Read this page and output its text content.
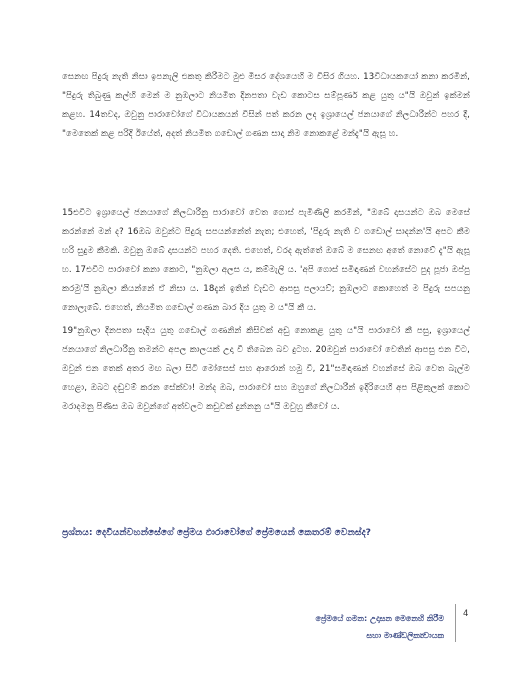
සෙනඟ පිදුරු නැති නිසා ඉපනැලි එකතු කිරීමට මුළු මිසර දේශයෙහි ම විසිර ගියහ. 13විධායකයෝ කනා කරමින්, "පිදුරු තිබුණු කල්හි මෙන් ම නුඹලාට නියමිත දිනපතා වැඩ කොටස සම්පූර්ණ කළ යුතු ය"යි ඔවුන් ඉක්මන් කළහ. 14තවද, ඔවුනු පාරාවෝගේ විධායකයන් විසින් පත් කරන ලද ඉශ්‍රායෙල් ජනයාගේ නිලධාරීන්ට පහර දී, "මෙතෙක් කළ පරිදි ඊයේත්, අදත් නියමිත ගඩොල් ගණන සාදා නිම නොකළේ මන්දැ"යි ඇසූ හ.

15එවිට ඉශ්‍රායෙල් ජනයාගේ නිලධාරීනු පාරාවෝ වෙත ගොස් පැමිණිලි කරමින්, "ඔබේ දාසයන්ට ඔබ මෙසේ කරන්නේ මන් ද? 16ඔබ ඔවුන්ට පිදුරු සපයන්නේත් නැත; එහෙත්, 'පිදුරු නැති ව ගඩොල් සාදන්න'යි අපට කීම හරි සුදුම කීමකි. ඔවුනු ඔබේ දාසයන්ට පහර දෙති. එහෙත්, වරද ඇත්තේ ඔබේ ම සෙනඟ අතේ නොවේ දැ"යි ඇසූ හ. 17එවිට පාරාවෝ කනා කොට, "නුඹලා අලස ය, කම්මැලි ය. 'අපි ගොස් සමිඳාණන් වහන්සේට පුද පූජා ඔප්පු කරමු'යි නුඹලා කියන්නේ ඒ නිසා ය. 18දැන් ඉතින් වැඩට ආපසු පලායව්; නුඹලාට කොහෙත් ම පිදුරු සපයනු නොලැබේ. එහෙත්, නියමිත ගඩොල් ගණන බාර දිය යුතු ම ය"යි කී ය.

19"නුඹලා දිනපතා සෑදිය යුතු ගඩොල් ගණනින් කිසිවක් අඩු නොකළ යුතු ය"යි පාරාවෝ කී පසු, ඉශ්‍රායෙල් ජනයාගේ නිලධාරීනු තමන්ට අපල කාලයක් උදා වී තිබෙන බව දුටහ. 20ඔවුන් පාරාවෝ වෙතින් ආපසු එන විට, ඔවුන් එන තෙක් අතර මඟ බලා සිටි මෝසෙස් සහ ආරොන් හමු වී, 21"සමිඳාණන් වහන්සේ ඔබ වෙත බැල්ම හෙළා, ඔබට දඬුවම් කරන සේක්වා! මන්ද ඔබ, පාරාවෝ සහ ඔහුගේ නිලධාරීන් ඉදිරියෙහි අප පිළිකුලක් කොට මරාදමනු පිණිස ඔබ ඔවුන්ගේ අත්වලට කඩුවක් දුන්නනු ය"යි ඔවුහු කීවෝ ය.

ප්‍රශ්නය: දෙවියන්වහන්සේගේ ප්‍රේමය ඵාරාවෝගේ ප්‍රේමයෙන් කෙතරම් වෙනස්ද?
ප්‍රේමයේ ගමන: උදාසන මෙනෙහි කිරීම
සහා මාණ්ඩලිකත්‍වායක
4
